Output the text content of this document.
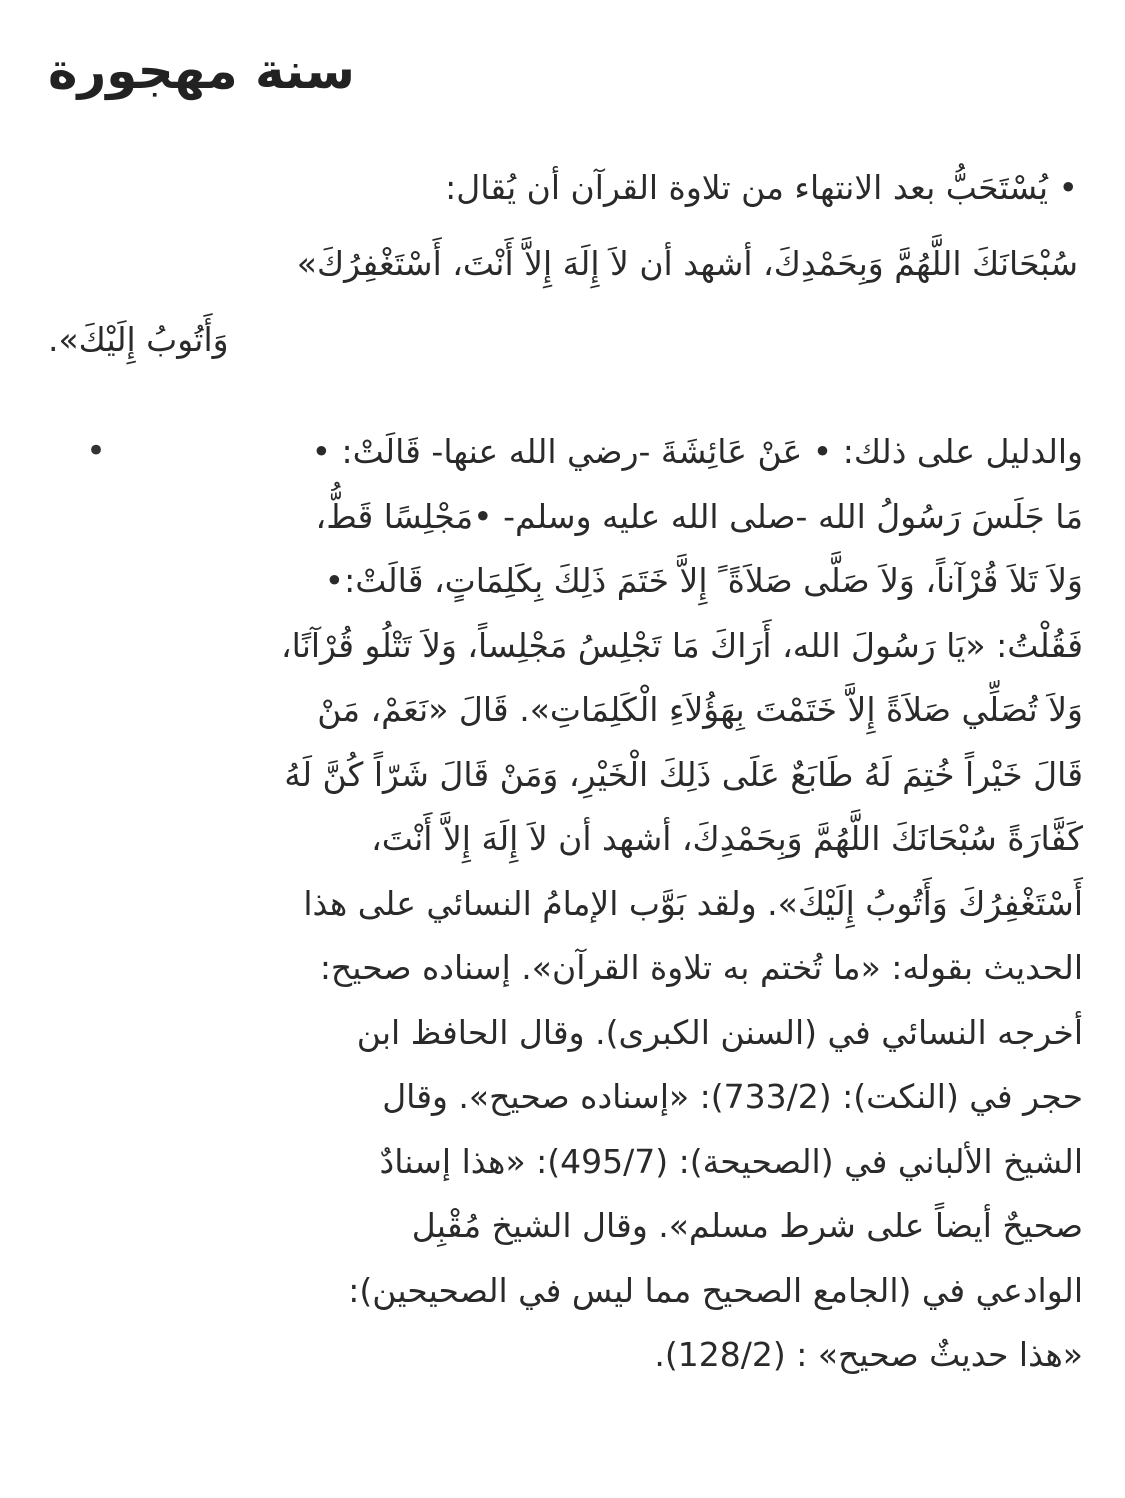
سنة مهجورة
• يُسْتَحَبُّ بعد الانتهاء من تلاوة القرآن أن يُقال:
سُبْحَانَكَ اللَّهُمَّ وَبِحَمْدِكَ، أشهد أن لاَ إِلَهَ إِلاَّ أَنْتَ، أَسْتَغْفِرُكَ»
وَأَتُوبُ إِلَيْكَ».
•	والدليل على ذلك: • عَنْ عَائِشَةَ -رضي الله عنها- قَالَتْ: •
مَا جَلَسَ رَسُولُ الله -صلى الله عليه وسلم- •مَجْلِسًا قَطُّ،
وَلاَ تَلاَ قُرْآناً، وَلاَ صَلَّى صَلاَةً ً إِلاَّ خَتَمَ ذَلِكَ بِكَلِمَاتٍ، قَالَتْ:•
فَقُلْتُ: «يَا رَسُولَ الله، أَرَاكَ مَا تَجْلِسُ مَجْلِساً، وَلاَ تَتْلُو قُرْآنًا،
وَلاَ تُصَلِّي صَلاَةً إِلاَّ خَتَمْتَ بِهَؤُلاَءِ الْكَلِمَاتِ». قَالَ «نَعَمْ، مَنْ
قَالَ خَيْراً خُتِمَ لَهُ طَابَعٌ عَلَى ذَلِكَ الْخَيْرِ، وَمَنْ قَالَ شَرّاً كُنَّ لَهُ
كَفَّارَةً سُبْحَانَكَ اللَّهُمَّ وَبِحَمْدِكَ، أشهد أن لاَ إِلَهَ إِلاَّ أَنْتَ،
أَسْتَغْفِرُكَ وَأَتُوبُ إِلَيْكَ». ولقد بَوَّب الإمامُ النسائي على هذا
الحديث بقوله: «ما تُختم به تلاوة القرآن». إسناده صحيح:
أخرجه النسائي في (السنن الكبرى). وقال الحافظ ابن
حجر في (النكت): (733/2): «إسناده صحيح». وقال
الشيخ الألباني في (الصحيحة): (495/7): «هذا إسنادٌ
صحيحٌ أيضاً على شرط مسلم». وقال الشيخ مُقْبِل
الوادعي في (الجامع الصحيح مما ليس في الصحيحين):
«هذا حديثٌ صحيح» : (128/2).
